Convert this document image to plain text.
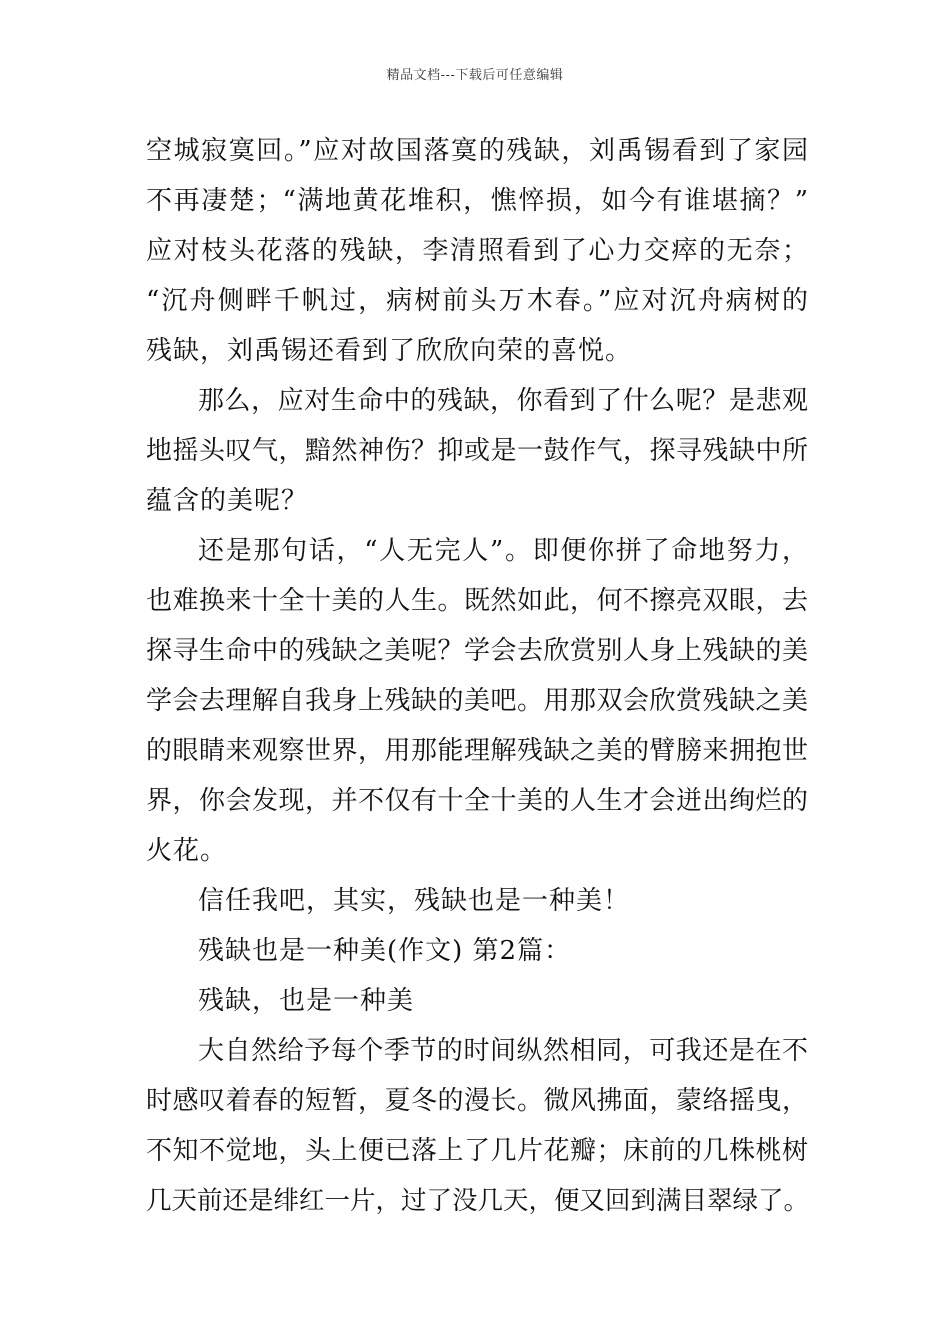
精品文档---下载后可任意编辑
空城寂寞回。”应对故国落寞的残缺，刘禹锡看到了家园
不再凄楚；“满地黄花堆积，憔悴损，如今有谁堪摘？”
应对枝头花落的残缺，李清照看到了心力交瘁的无奈；
“沉舟侧畔千帆过，病树前头万木春。”应对沉舟病树的
残缺，刘禹锡还看到了欣欣向荣的喜悦。
那么，应对生命中的残缺，你看到了什么呢？是悲观
地摇头叹气，黯然神伤？抑或是一鼓作气，探寻残缺中所
蕴含的美呢？
还是那句话，“人无完人”。即便你拼了命地努力，
也难换来十全十美的人生。既然如此，何不擦亮双眼，去
探寻生命中的残缺之美呢？学会去欣赏别人身上残缺的美
学会去理解自我身上残缺的美吧。用那双会欣赏残缺之美
的眼睛来观察世界，用那能理解残缺之美的臂膀来拥抱世
界，你会发现，并不仅有十全十美的人生才会迸出绚烂的
火花。
信任我吧，其实，残缺也是一种美！
残缺也是一种美(作文) 第2篇：
残缺，也是一种美
大自然给予每个季节的时间纵然相同，可我还是在不
时感叹着春的短暂，夏冬的漫长。微风拂面，蒙络摇曳，
不知不觉地，头上便已落上了几片花瓣；床前的几株桃树
几天前还是绯红一片，过了没几天，便又回到满目翠绿了。
